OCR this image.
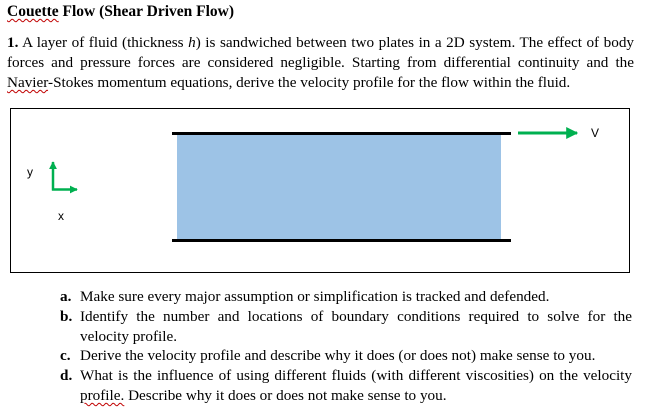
Couette Flow (Shear Driven Flow)
1. A layer of fluid (thickness h) is sandwiched between two plates in a 2D system. The effect of body forces and pressure forces are considered negligible. Starting from differential continuity and the Navier-Stokes momentum equations, derive the velocity profile for the flow within the fluid.
V
y
x
a. Make sure every major assumption or simplification is tracked and defended.
b. Identify the number and locations of boundary conditions required to solve for the velocity profile.
c. Derive the velocity profile and describe why it does (or does not) make sense to you.
d. What is the influence of using different fluids (with different viscosities) on the velocity profile. Describe why it does or does not make sense to you.
